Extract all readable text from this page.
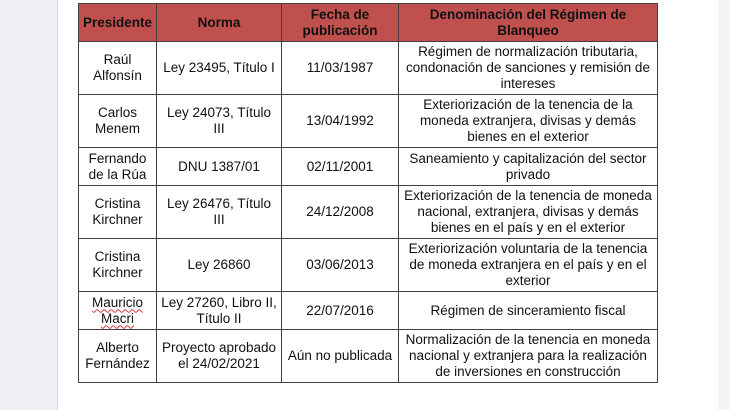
Presidente	Norma	Fecha de publicación	Denominación del Régimen de Blanqueo
Raúl Alfonsín	Ley 23495, Título I	11/03/1987	Régimen de normalización tributaria, condonación de sanciones y remisión de intereses
Carlos Menem	Ley 24073, Título III	13/04/1992	Exteriorización de la tenencia de la moneda extranjera, divisas y demás bienes en el exterior
Fernando de la Rúa	DNU 1387/01	02/11/2001	Saneamiento y capitalización del sector privado
Cristina Kirchner	Ley 26476, Título III	24/12/2008	Exteriorización de la tenencia de moneda nacional, extranjera, divisas y demás bienes en el país y en el exterior
Cristina Kirchner	Ley 26860	03/06/2013	Exteriorización voluntaria de la tenencia de moneda extranjera en el país y en el exterior
Mauricio Macri	Ley 27260, Libro II, Título II	22/07/2016	Régimen de sinceramiento fiscal
Alberto Fernández	Proyecto aprobado el 24/02/2021	Aún no publicada	Normalización de la tenencia en moneda nacional y extranjera para la realización de inversiones en construcción
